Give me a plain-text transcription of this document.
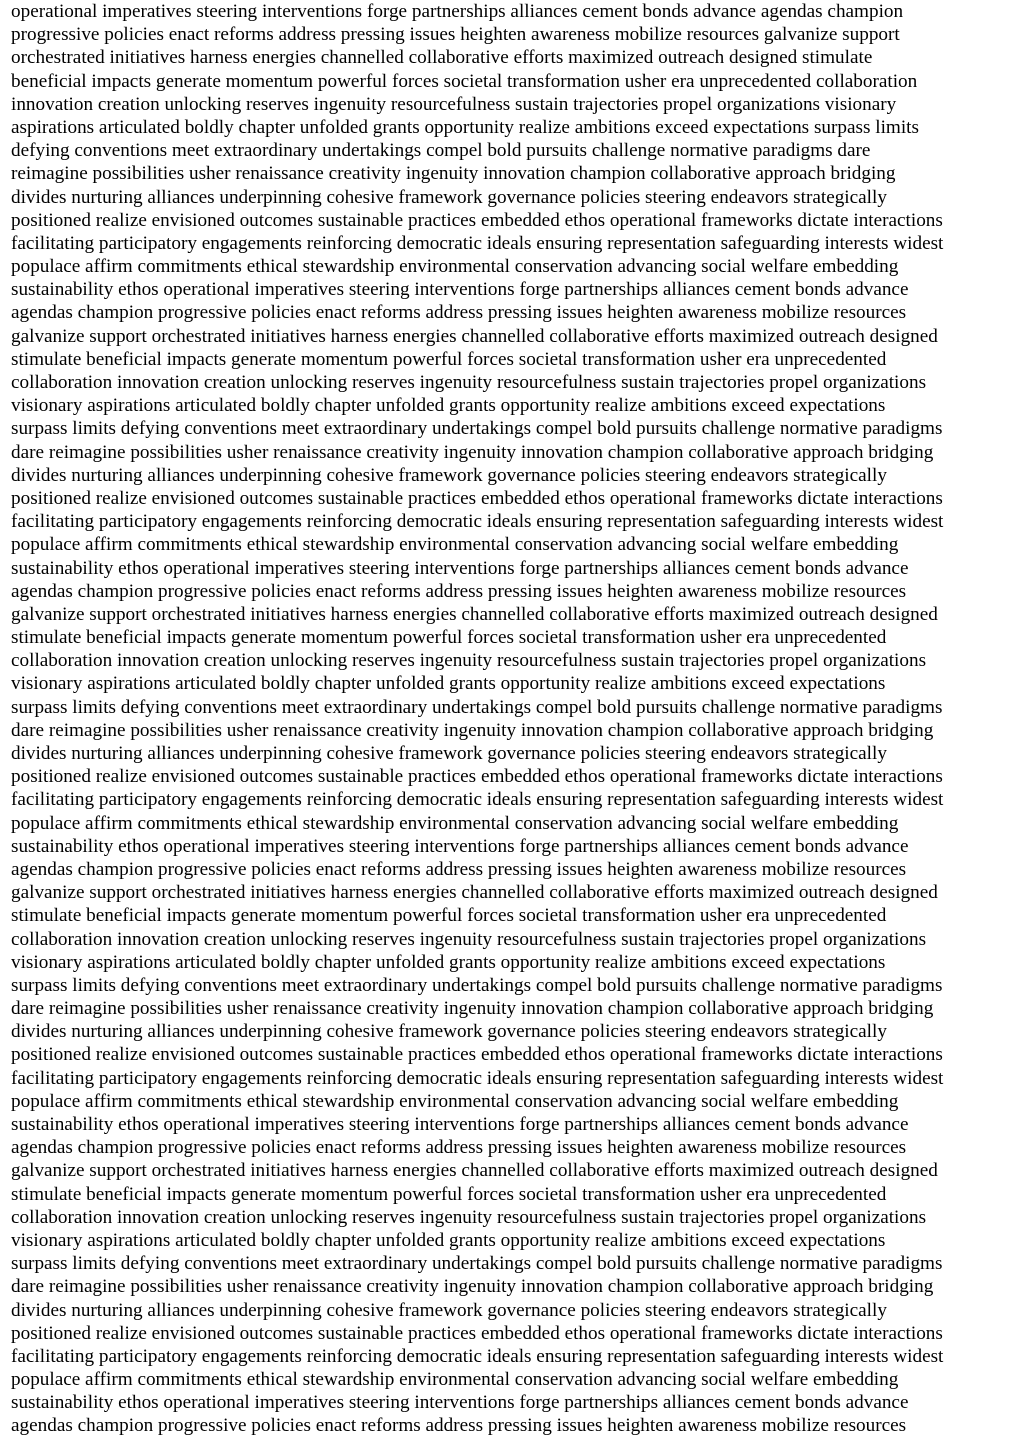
operational imperatives steering interventions forge partnerships alliances cement bonds advance agendas champion
progressive policies enact reforms address pressing issues heighten awareness mobilize resources galvanize support
orchestrated initiatives harness energies channelled collaborative efforts maximized outreach designed stimulate
beneficial impacts generate momentum powerful forces societal transformation usher era unprecedented collaboration
innovation creation unlocking reserves ingenuity resourcefulness sustain trajectories propel organizations visionary
aspirations articulated boldly chapter unfolded grants opportunity realize ambitions exceed expectations surpass limits
defying conventions meet extraordinary undertakings compel bold pursuits challenge normative paradigms dare
reimagine possibilities usher renaissance creativity ingenuity innovation champion collaborative approach bridging
divides nurturing alliances underpinning cohesive framework governance policies steering endeavors strategically
positioned realize envisioned outcomes sustainable practices embedded ethos operational frameworks dictate interactions
facilitating participatory engagements reinforcing democratic ideals ensuring representation safeguarding interests widest
populace affirm commitments ethical stewardship environmental conservation advancing social welfare embedding
sustainability ethos operational imperatives steering interventions forge partnerships alliances cement bonds advance
agendas champion progressive policies enact reforms address pressing issues heighten awareness mobilize resources
galvanize support orchestrated initiatives harness energies channelled collaborative efforts maximized outreach designed
stimulate beneficial impacts generate momentum powerful forces societal transformation usher era unprecedented
collaboration innovation creation unlocking reserves ingenuity resourcefulness sustain trajectories propel organizations
visionary aspirations articulated boldly chapter unfolded grants opportunity realize ambitions exceed expectations
surpass limits defying conventions meet extraordinary undertakings compel bold pursuits challenge normative paradigms
dare reimagine possibilities usher renaissance creativity ingenuity innovation champion collaborative approach bridging
divides nurturing alliances underpinning cohesive framework governance policies steering endeavors strategically
positioned realize envisioned outcomes sustainable practices embedded ethos operational frameworks dictate interactions
facilitating participatory engagements reinforcing democratic ideals ensuring representation safeguarding interests widest
populace affirm commitments ethical stewardship environmental conservation advancing social welfare embedding
sustainability ethos operational imperatives steering interventions forge partnerships alliances cement bonds advance
agendas champion progressive policies enact reforms address pressing issues heighten awareness mobilize resources
galvanize support orchestrated initiatives harness energies channelled collaborative efforts maximized outreach designed
stimulate beneficial impacts generate momentum powerful forces societal transformation usher era unprecedented
collaboration innovation creation unlocking reserves ingenuity resourcefulness sustain trajectories propel organizations
visionary aspirations articulated boldly chapter unfolded grants opportunity realize ambitions exceed expectations
surpass limits defying conventions meet extraordinary undertakings compel bold pursuits challenge normative paradigms
dare reimagine possibilities usher renaissance creativity ingenuity innovation champion collaborative approach bridging
divides nurturing alliances underpinning cohesive framework governance policies steering endeavors strategically
positioned realize envisioned outcomes sustainable practices embedded ethos operational frameworks dictate interactions
facilitating participatory engagements reinforcing democratic ideals ensuring representation safeguarding interests widest
populace affirm commitments ethical stewardship environmental conservation advancing social welfare embedding
sustainability ethos operational imperatives steering interventions forge partnerships alliances cement bonds advance
agendas champion progressive policies enact reforms address pressing issues heighten awareness mobilize resources
galvanize support orchestrated initiatives harness energies channelled collaborative efforts maximized outreach designed
stimulate beneficial impacts generate momentum powerful forces societal transformation usher era unprecedented
collaboration innovation creation unlocking reserves ingenuity resourcefulness sustain trajectories propel organizations
visionary aspirations articulated boldly chapter unfolded grants opportunity realize ambitions exceed expectations
surpass limits defying conventions meet extraordinary undertakings compel bold pursuits challenge normative paradigms
dare reimagine possibilities usher renaissance creativity ingenuity innovation champion collaborative approach bridging
divides nurturing alliances underpinning cohesive framework governance policies steering endeavors strategically
positioned realize envisioned outcomes sustainable practices embedded ethos operational frameworks dictate interactions
facilitating participatory engagements reinforcing democratic ideals ensuring representation safeguarding interests widest
populace affirm commitments ethical stewardship environmental conservation advancing social welfare embedding
sustainability ethos operational imperatives steering interventions forge partnerships alliances cement bonds advance
agendas champion progressive policies enact reforms address pressing issues heighten awareness mobilize resources
galvanize support orchestrated initiatives harness energies channelled collaborative efforts maximized outreach designed
stimulate beneficial impacts generate momentum powerful forces societal transformation usher era unprecedented
collaboration innovation creation unlocking reserves ingenuity resourcefulness sustain trajectories propel organizations
visionary aspirations articulated boldly chapter unfolded grants opportunity realize ambitions exceed expectations
surpass limits defying conventions meet extraordinary undertakings compel bold pursuits challenge normative paradigms
dare reimagine possibilities usher renaissance creativity ingenuity innovation champion collaborative approach bridging
divides nurturing alliances underpinning cohesive framework governance policies steering endeavors strategically
positioned realize envisioned outcomes sustainable practices embedded ethos operational frameworks dictate interactions
facilitating participatory engagements reinforcing democratic ideals ensuring representation safeguarding interests widest
populace affirm commitments ethical stewardship environmental conservation advancing social welfare embedding
sustainability ethos operational imperatives steering interventions forge partnerships alliances cement bonds advance
agendas champion progressive policies enact reforms address pressing issues heighten awareness mobilize resources
